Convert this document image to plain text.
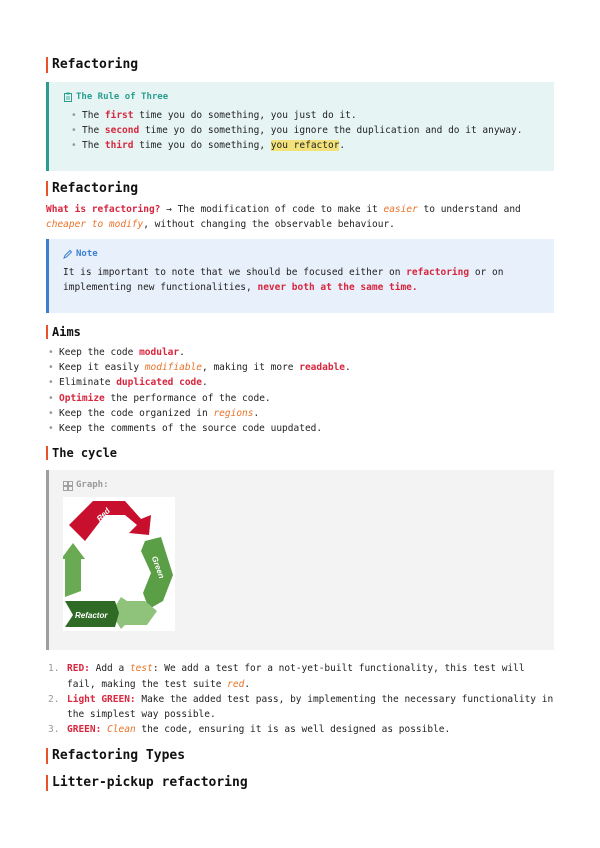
Refactoring
The Rule of Three
• The first time you do something, you just do it.
• The second time yo do something, you ignore the duplication and do it anyway.
• The third time you do something, you refactor.
Refactoring

What is refactoring? → The modification of code to make it easier to understand and
cheaper to modify, without changing the observable behaviour.

Note

It is important to note that we should be focused either on refactoring or on implementing new functionalities, never both at the same time.

Aims
• Keep the code modular.
• Keep it easily modifiable, making it more readable.
• Eliminate duplicated code.
• Optimize the performance of the code.
• Keep the code organized in regions.
• Keep the comments of the source code uupdated.
The cycle
Graph:
Red
Green
Refactor
1. RED: Add a test: We add a test for a not-yet-built functionality, this test will fail, making the test suite red.
2. Light GREEN: Make the added test pass, by implementing the necessary functionality in the simplest way possible.
3. GREEN: Clean the code, ensuring it is as well designed as possible.
Refactoring Types
Litter-pickup refactoring
